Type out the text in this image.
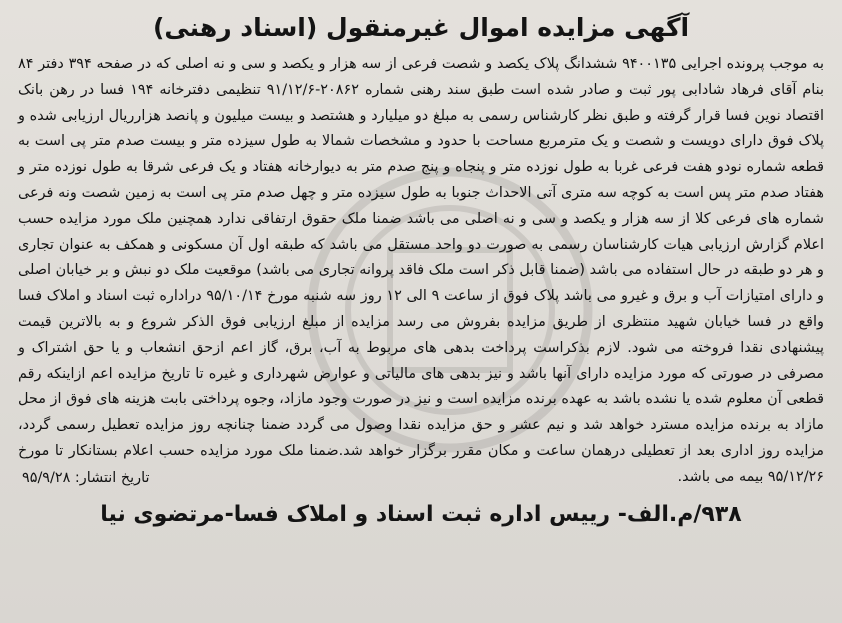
آگهی مزایده اموال غیرمنقول (اسناد رهنی)

به موجب پرونده اجرایی ۹۴۰۰۱۳۵ ششدانگ پلاک یکصد و شصت فرعی از سه هزار و یکصد و سی و نه اصلی که در صفحه ۳۹۴ دفتر ۸۴ بنام آقای فرهاد شادابی پور ثبت و صادر شده است طبق سند رهنی شماره ۲۰۸۶۲-۹۱/۱۲/۶ تنظیمی دفترخانه ۱۹۴ فسا در رهن بانک اقتصاد نوین فسا قرار گرفته و طبق نظر کارشناس رسمی به مبلغ دو میلیارد و هشتصد و بیست میلیون و پانصد هزارریال ارزیابی شده و پلاک فوق دارای دویست و شصت و یک مترمربع مساحت با حدود و مشخصات شمالا به طول سیزده متر و بیست صدم متر پی است به قطعه شماره نودو هفت فرعی غربا به طول نوزده متر و پنجاه و پنج صدم متر به دیوارخانه هفتاد و یک فرعی شرقا به طول نوزده متر و هفتاد صدم متر پس است به کوچه سه متری آتی الاحداث جنوبا به طول سیزده متر و چهل صدم متر پی است به زمین شصت ونه فرعی شماره های فرعی کلا از سه هزار و یکصد و سی و نه اصلی می باشد ضمنا ملک حقوق ارتفاقی ندارد همچنین ملک مورد مزایده حسب اعلام گزارش ارزیابی هیات کارشناسان رسمی به صورت دو واحد مستقل می باشد که طبقه اول آن مسکونی و همکف به عنوان تجاری و هر دو طبقه در حال استفاده می باشد (ضمنا قابل ذکر است ملک فاقد پروانه تجاری می باشد) موقعیت ملک دو نبش و بر خیابان اصلی و دارای امتیازات آب و برق و غیرو می باشد پلاک فوق از ساعت ۹ الی ۱۲ روز سه شنبه مورخ ۹۵/۱۰/۱۴ دراداره ثبت اسناد و املاک فسا واقع در فسا خیابان شهید منتظری از طریق مزایده بفروش می رسد مزایده از مبلغ ارزیابی فوق الذکر شروع و به بالاترین قیمت پیشنهادی نقدا فروخته می شود. لازم بذکراست پرداخت بدهی های مربوط به آب، برق، گاز اعم ازحق انشعاب و یا حق اشتراک و مصرفی در صورتی که مورد مزایده دارای آنها باشد و نیز بدهی های مالیاتی و عوارض شهرداری و غیره تا تاریخ مزایده اعم ازاینکه رقم قطعی آن معلوم شده یا نشده باشد به عهده برنده مزایده است و نیز در صورت وجود مازاد، وجوه پرداختی بابت هزینه های فوق از محل مازاد به برنده مزایده مسترد خواهد شد و نیم عشر و حق مزایده نقدا وصول می گردد ضمنا چنانچه روز مزایده تعطیل رسمی گردد، مزایده روز اداری بعد از تعطیلی درهمان ساعت و مکان مقرر برگزار خواهد شد.ضمنا ملک مورد مزایده حسب اعلام بستانکار تا مورخ ۹۵/۱۲/۲۶ بیمه می باشد.

تاریخ انتشار: ۹۵/۹/۲۸
۹۳۸/م.الف- رییس اداره ثبت اسناد و املاک فسا-مرتضوی نیا
